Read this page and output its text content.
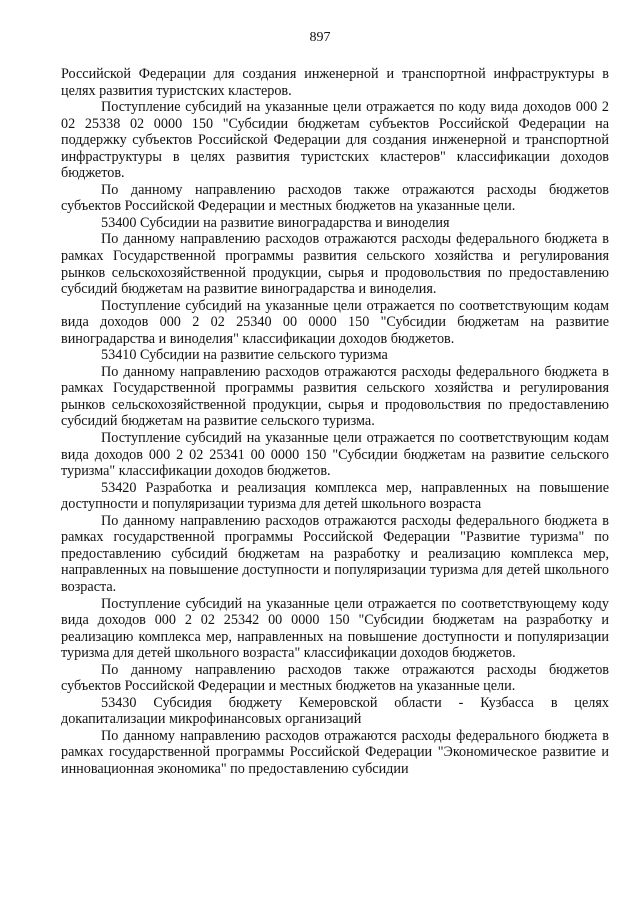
897

Российской Федерации для создания инженерной и транспортной инфраструктуры в целях развития туристских кластеров.

Поступление субсидий на указанные цели отражается по коду вида доходов 000 2 02 25338 02 0000 150 "Субсидии бюджетам субъектов Российской Федерации на поддержку субъектов Российской Федерации для создания инженерной и транспортной инфраструктуры в целях развития туристских кластеров" классификации доходов бюджетов.

По данному направлению расходов также отражаются расходы бюджетов субъектов Российской Федерации и местных бюджетов на указанные цели.

53400 Субсидии на развитие виноградарства и виноделия

По данному направлению расходов отражаются расходы федерального бюджета в рамках Государственной программы развития сельского хозяйства и регулирования рынков сельскохозяйственной продукции, сырья и продовольствия по предоставлению субсидий бюджетам на развитие виноградарства и виноделия.

Поступление субсидий на указанные цели отражается по соответствующим кодам вида доходов 000 2 02 25340 00 0000 150 "Субсидии бюджетам на развитие виноградарства и виноделия" классификации доходов бюджетов.

53410 Субсидии на развитие сельского туризма

По данному направлению расходов отражаются расходы федерального бюджета в рамках Государственной программы развития сельского хозяйства и регулирования рынков сельскохозяйственной продукции, сырья и продовольствия по предоставлению субсидий бюджетам на развитие сельского туризма.

Поступление субсидий на указанные цели отражается по соответствующим кодам вида доходов 000 2 02 25341 00 0000 150 "Субсидии бюджетам на развитие сельского туризма" классификации доходов бюджетов.

53420 Разработка и реализация комплекса мер, направленных на повышение доступности и популяризации туризма для детей школьного возраста

По данному направлению расходов отражаются расходы федерального бюджета в рамках государственной программы Российской Федерации "Развитие туризма" по предоставлению субсидий бюджетам на разработку и реализацию комплекса мер, направленных на повышение доступности и популяризации туризма для детей школьного возраста.

Поступление субсидий на указанные цели отражается по соответствующему коду вида доходов 000 2 02 25342 00 0000 150 "Субсидии бюджетам на разработку и реализацию комплекса мер, направленных на повышение доступности и популяризации туризма для детей школьного возраста" классификации доходов бюджетов.

По данному направлению расходов также отражаются расходы бюджетов субъектов Российской Федерации и местных бюджетов на указанные цели.

53430 Субсидия бюджету Кемеровской области - Кузбасса в целях докапитализации микрофинансовых организаций

По данному направлению расходов отражаются расходы федерального бюджета в рамках государственной программы Российской Федерации "Экономическое развитие и инновационная экономика" по предоставлению субсидии
